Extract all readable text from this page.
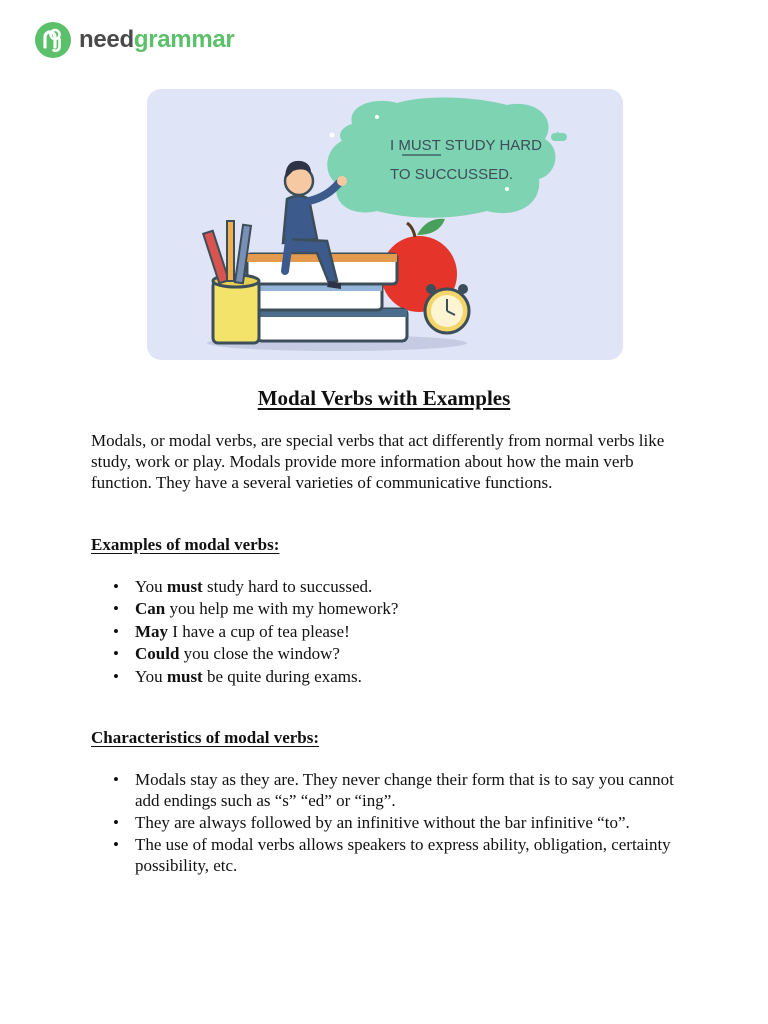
needgrammar
I MUST STUDY HARD
TO SUCCUSSED.
Modal Verbs with Examples

Modals, or modal verbs, are special verbs that act differently from normal verbs like study, work or play. Modals provide more information about how the main verb function. They have a several varieties of communicative functions.

Examples of modal verbs:
• You must study hard to succussed.
• Can you help me with my homework?
• May I have a cup of tea please!
• Could you close the window?
• You must be quite during exams.
Characteristics of modal verbs:
• Modals stay as they are. They never change their form that is to say you cannot add endings such as “s” “ed” or “ing”.
• They are always followed by an infinitive without the bar infinitive “to”.
• The use of modal verbs allows speakers to express ability, obligation, certainty possibility, etc.
